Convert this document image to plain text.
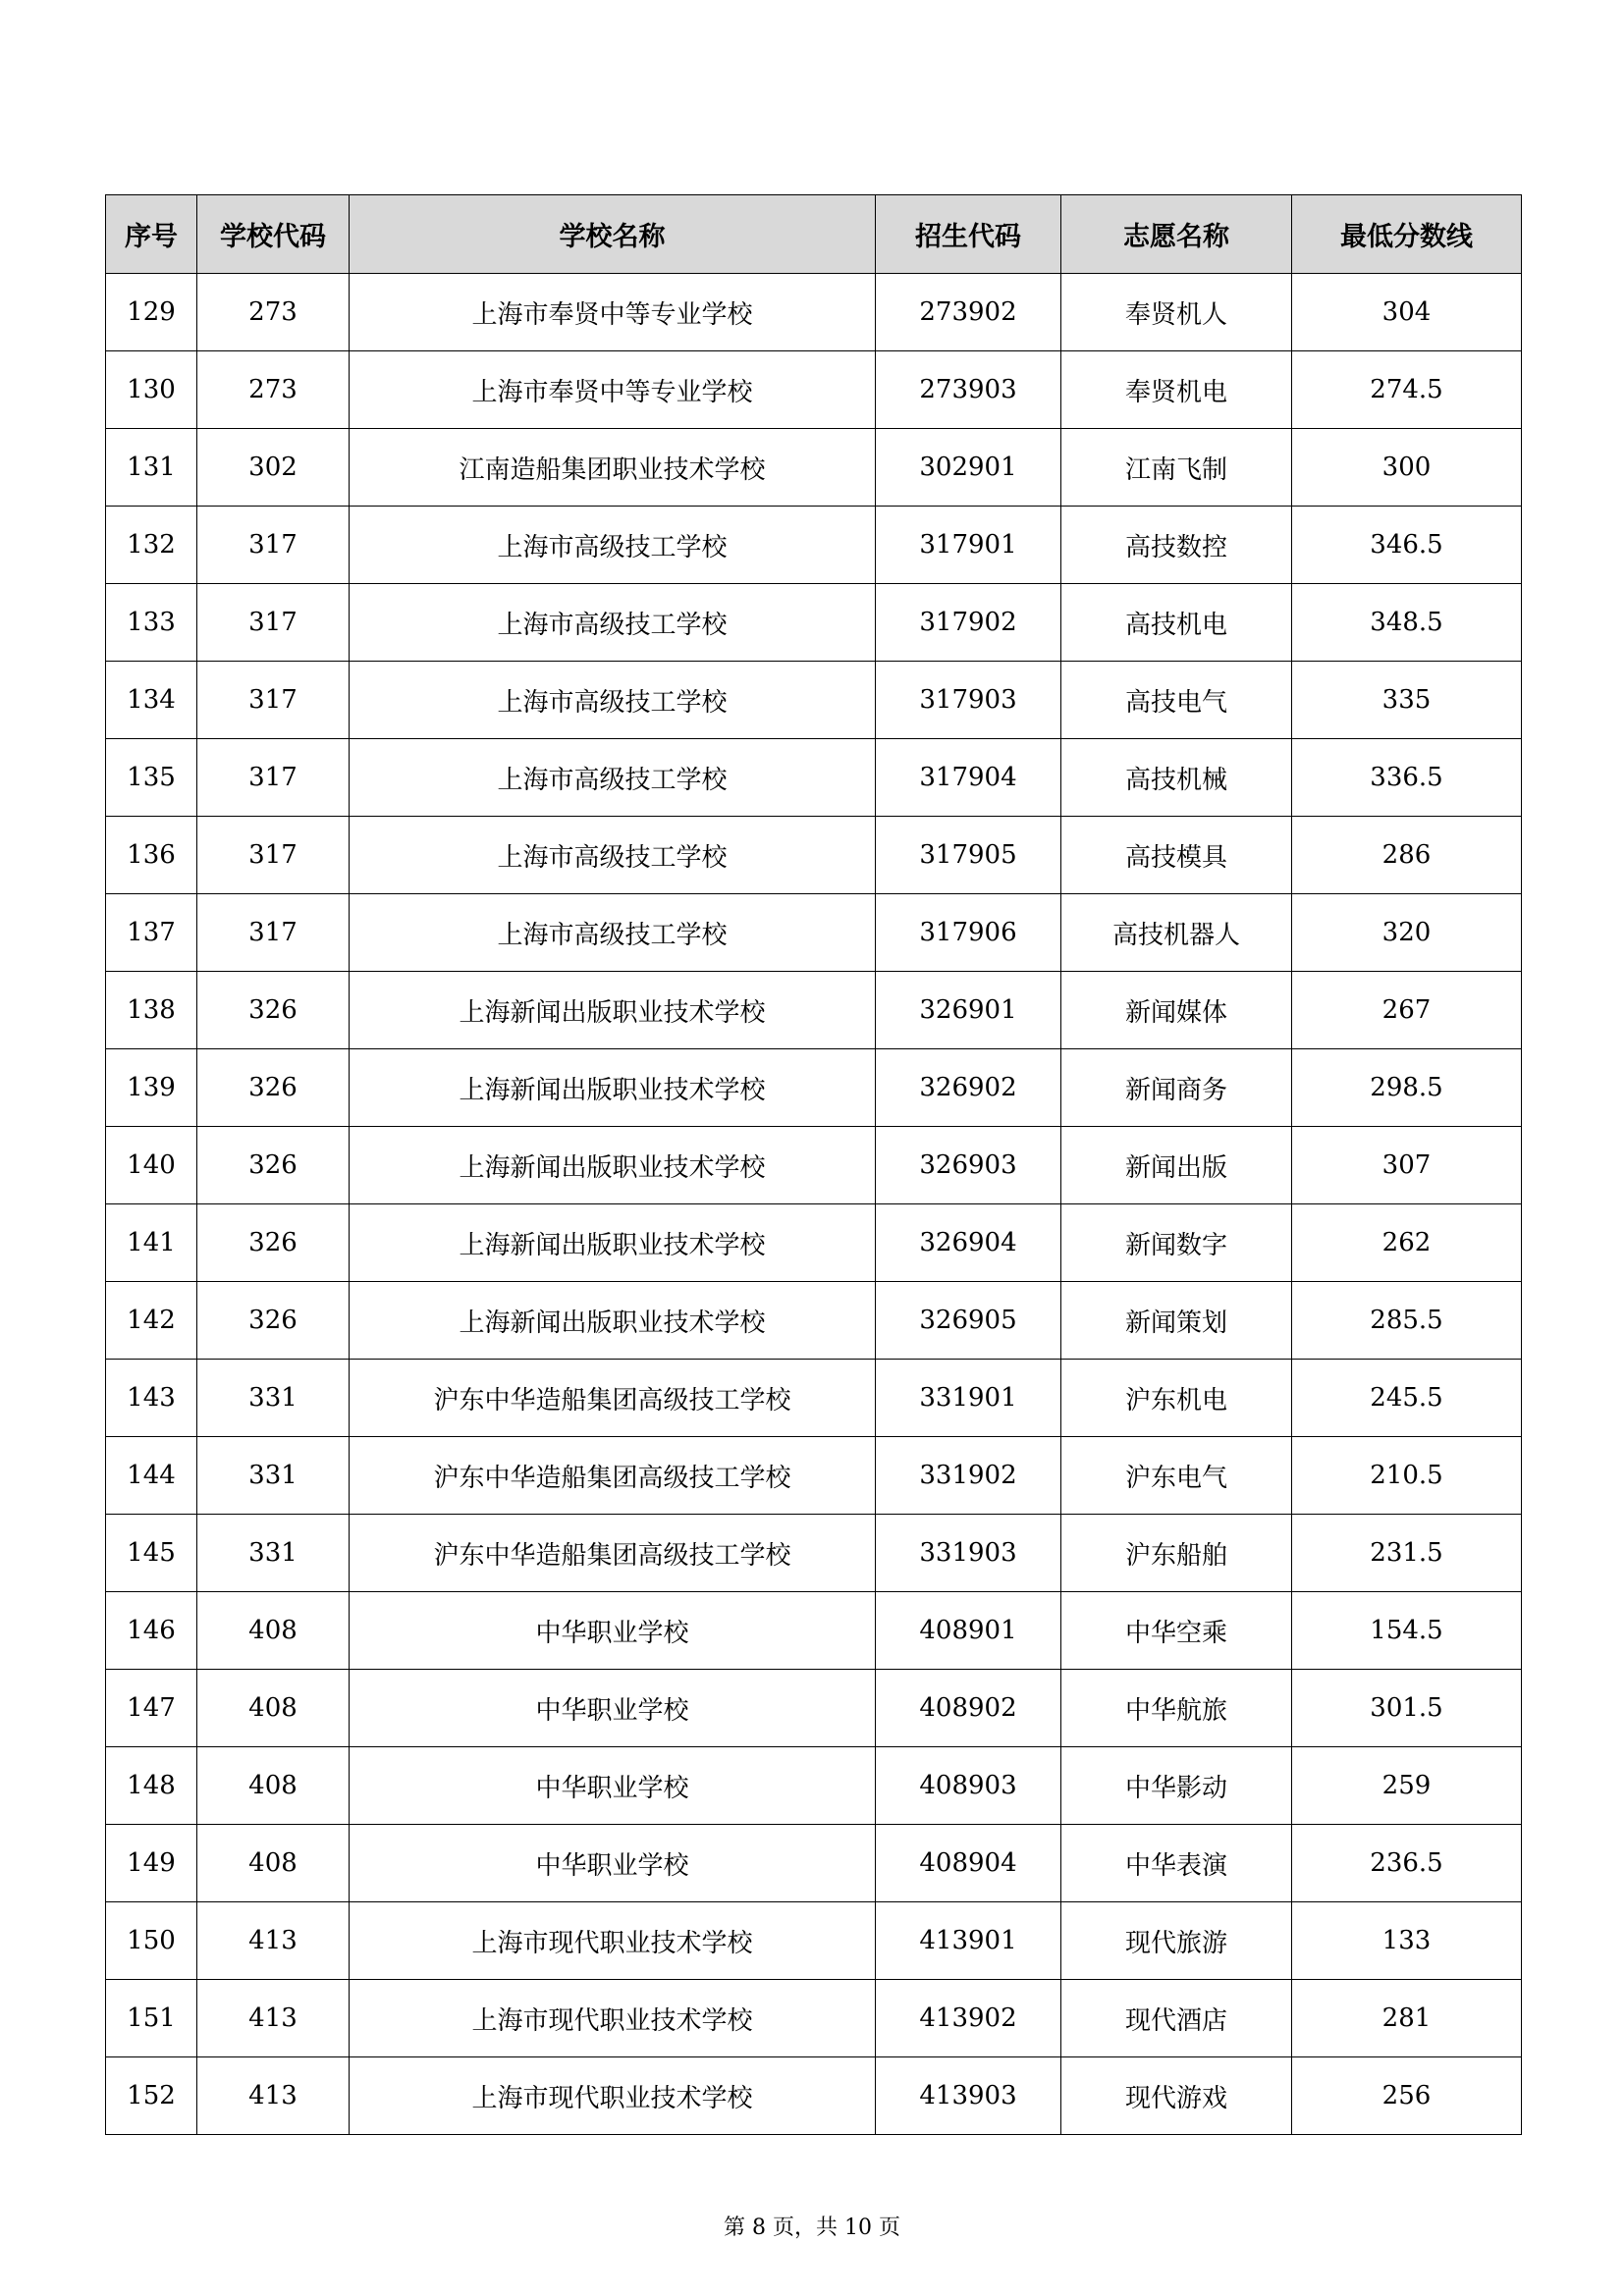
序号	学校代码	学校名称	招生代码	志愿名称	最低分数线
129	273	上海市奉贤中等专业学校	273902	奉贤机人	304
130	273	上海市奉贤中等专业学校	273903	奉贤机电	274.5
131	302	江南造船集团职业技术学校	302901	江南飞制	300
132	317	上海市高级技工学校	317901	高技数控	346.5
133	317	上海市高级技工学校	317902	高技机电	348.5
134	317	上海市高级技工学校	317903	高技电气	335
135	317	上海市高级技工学校	317904	高技机械	336.5
136	317	上海市高级技工学校	317905	高技模具	286
137	317	上海市高级技工学校	317906	高技机器人	320
138	326	上海新闻出版职业技术学校	326901	新闻媒体	267
139	326	上海新闻出版职业技术学校	326902	新闻商务	298.5
140	326	上海新闻出版职业技术学校	326903	新闻出版	307
141	326	上海新闻出版职业技术学校	326904	新闻数字	262
142	326	上海新闻出版职业技术学校	326905	新闻策划	285.5
143	331	沪东中华造船集团高级技工学校	331901	沪东机电	245.5
144	331	沪东中华造船集团高级技工学校	331902	沪东电气	210.5
145	331	沪东中华造船集团高级技工学校	331903	沪东船舶	231.5
146	408	中华职业学校	408901	中华空乘	154.5
147	408	中华职业学校	408902	中华航旅	301.5
148	408	中华职业学校	408903	中华影动	259
149	408	中华职业学校	408904	中华表演	236.5
150	413	上海市现代职业技术学校	413901	现代旅游	133
151	413	上海市现代职业技术学校	413902	现代酒店	281
152	413	上海市现代职业技术学校	413903	现代游戏	256
第 8 页，共 10 页
